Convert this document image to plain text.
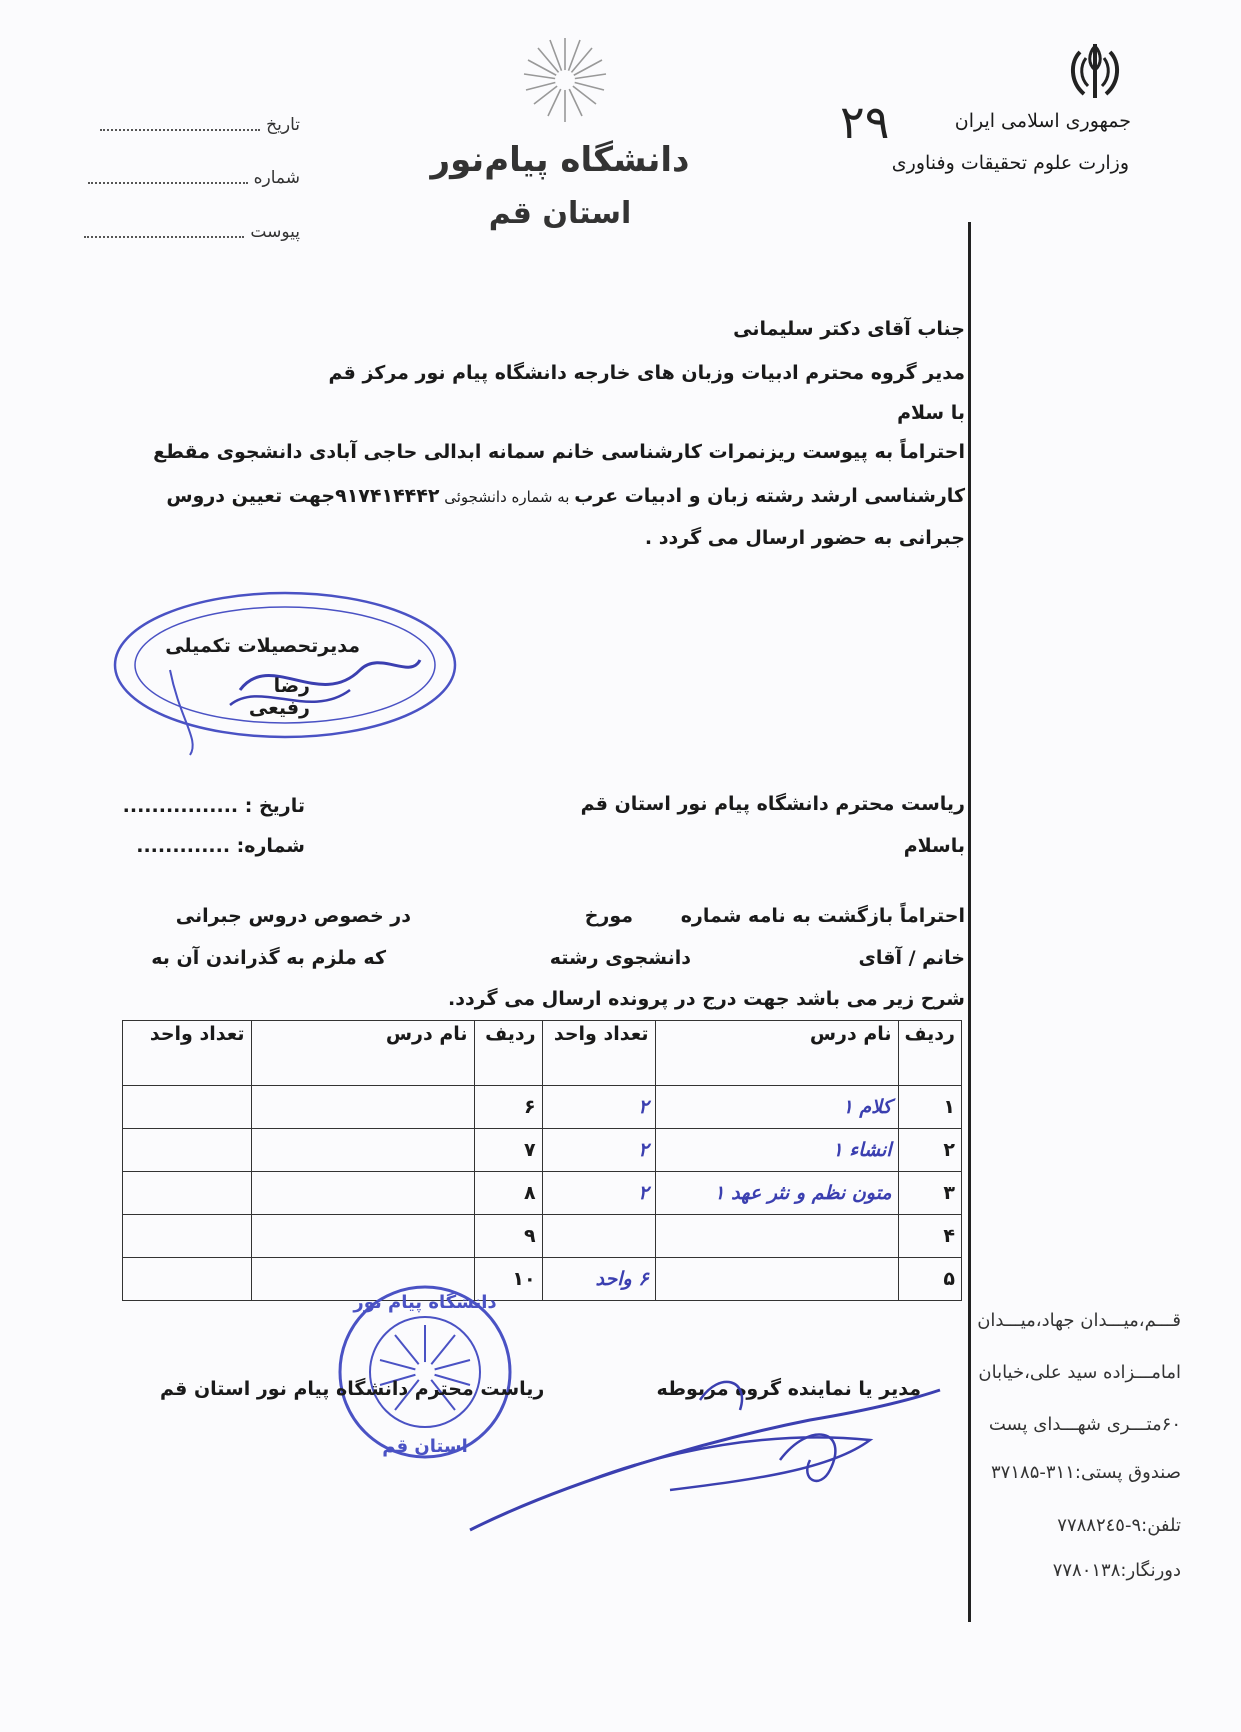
جمهوری اسلامی ایران
وزارت علوم تحقیقات وفناوری
دانشگاه پیام‌نور
استان قم
۲۹
تاریخ
شماره
پیوست
جناب آقای دکتر سلیمانی
مدیر گروه محترم ادبیات وزبان های خارجه دانشگاه پیام نور مرکز قم
با سلام
احتراماً به پیوست ریزنمرات کارشناسی خانم سمانه ابدالی حاجی آبادی دانشجوی مقطع
کارشناسی ارشد رشته زبان و ادبیات عرب به شماره دانشجوئی ۹۱۷۴۱۴۴۴۲جهت تعیین دروس
جبرانی به حضور ارسال می گردد .
مدیرتحصیلات تکمیلی
رضا رفیعی
ریاست محترم دانشگاه پیام نور استان قم
باسلام
تاریخ : ................
شماره: .............
احتراماً بازگشت به نامه شماره
مورخ
در خصوص دروس جبرانی
خانم / آقای
دانشجوی رشته
که ملزم به گذراندن آن به
شرح زیر می باشد جهت درج در پرونده ارسال می گردد.
ردیف	نام درس	تعداد واحد	ردیف	نام درس	تعداد واحد
۱	کلام ۱	۲	۶		
۲	انشاء ۱	۲	۷		
۳	متون نظم و نثر عهد ۱	۲	۸		
۴			۹		
۵		۶ واحد	۱۰		
دانشگاه پیام نور
استان قم
ریاست محترم دانشگاه پیام نور استان قم	مدیر یا نماینده گروه مربوطه
قـــم،میـــدان جهاد،میـــدان
امامـــزاده سید علی،خیابان
۶۰متـــری شهـــدای پست
صندوق پستی:۳۱۱-۳۷۱۸۵
تلفن:۹-۷۷۸۸۲٤٥
دورنگار:۷۷۸۰۱۳۸
